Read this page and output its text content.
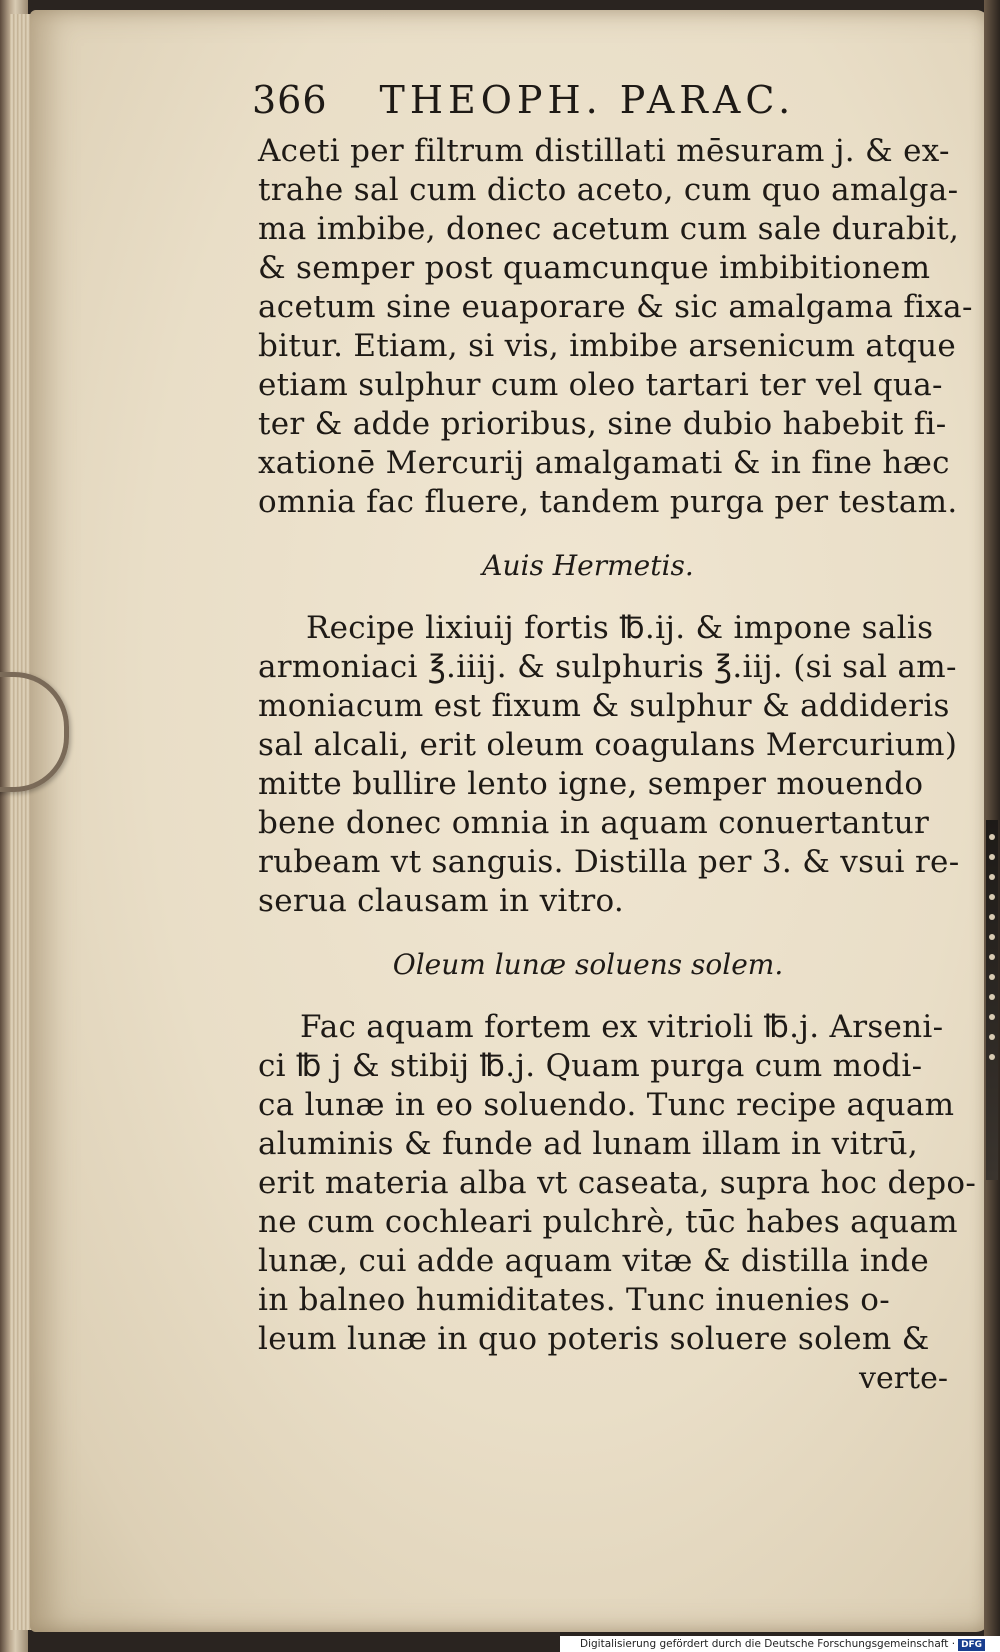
366 THEOPH. PARAC.
Aceti per filtrum distillati mēsuram j. & ex-
trahe sal cum dicto aceto, cum quo amalga-
ma imbibe, donec acetum cum sale durabit,
& semper post quamcunque imbibitionem
acetum sine euaporare & sic amalgama fixa-
bitur. Etiam, si vis, imbibe arsenicum atque
etiam sulphur cum oleo tartari ter vel qua-
ter & adde prioribus, sine dubio habebit fi-
xationē Mercurij amalgamati & in fine hæc
omnia fac fluere, tandem purga per testam.
Auis Hermetis.
Recipe lixiuij fortis ℔.ij. & impone salis
armoniaci ℥.iiij. & sulphuris ℥.iij. (si sal am-
moniacum est fixum & sulphur & addideris
sal alcali, erit oleum coagulans Mercurium)
mitte bullire lento igne, semper mouendo
bene donec omnia in aquam conuertantur
rubeam vt sanguis. Distilla per 3. & vsui re-
serua clausam in vitro.
Oleum lunæ soluens solem.
Fac aquam fortem ex vitrioli ℔.j. Arseni-
ci ℔ j & stibij ℔.j. Quam purga cum modi-
ca lunæ in eo soluendo. Tunc recipe aquam
aluminis & funde ad lunam illam in vitrū,
erit materia alba vt caseata, supra hoc depo-
ne cum cochleari pulchrè, tūc habes aquam
lunæ, cui adde aquam vitæ & distilla inde
in balneo humiditates. Tunc inuenies o-
leum lunæ in quo poteris soluere solem &
verte-
Digitalisierung gefördert durch die Deutsche Forschungsgemeinschaft · DFG
